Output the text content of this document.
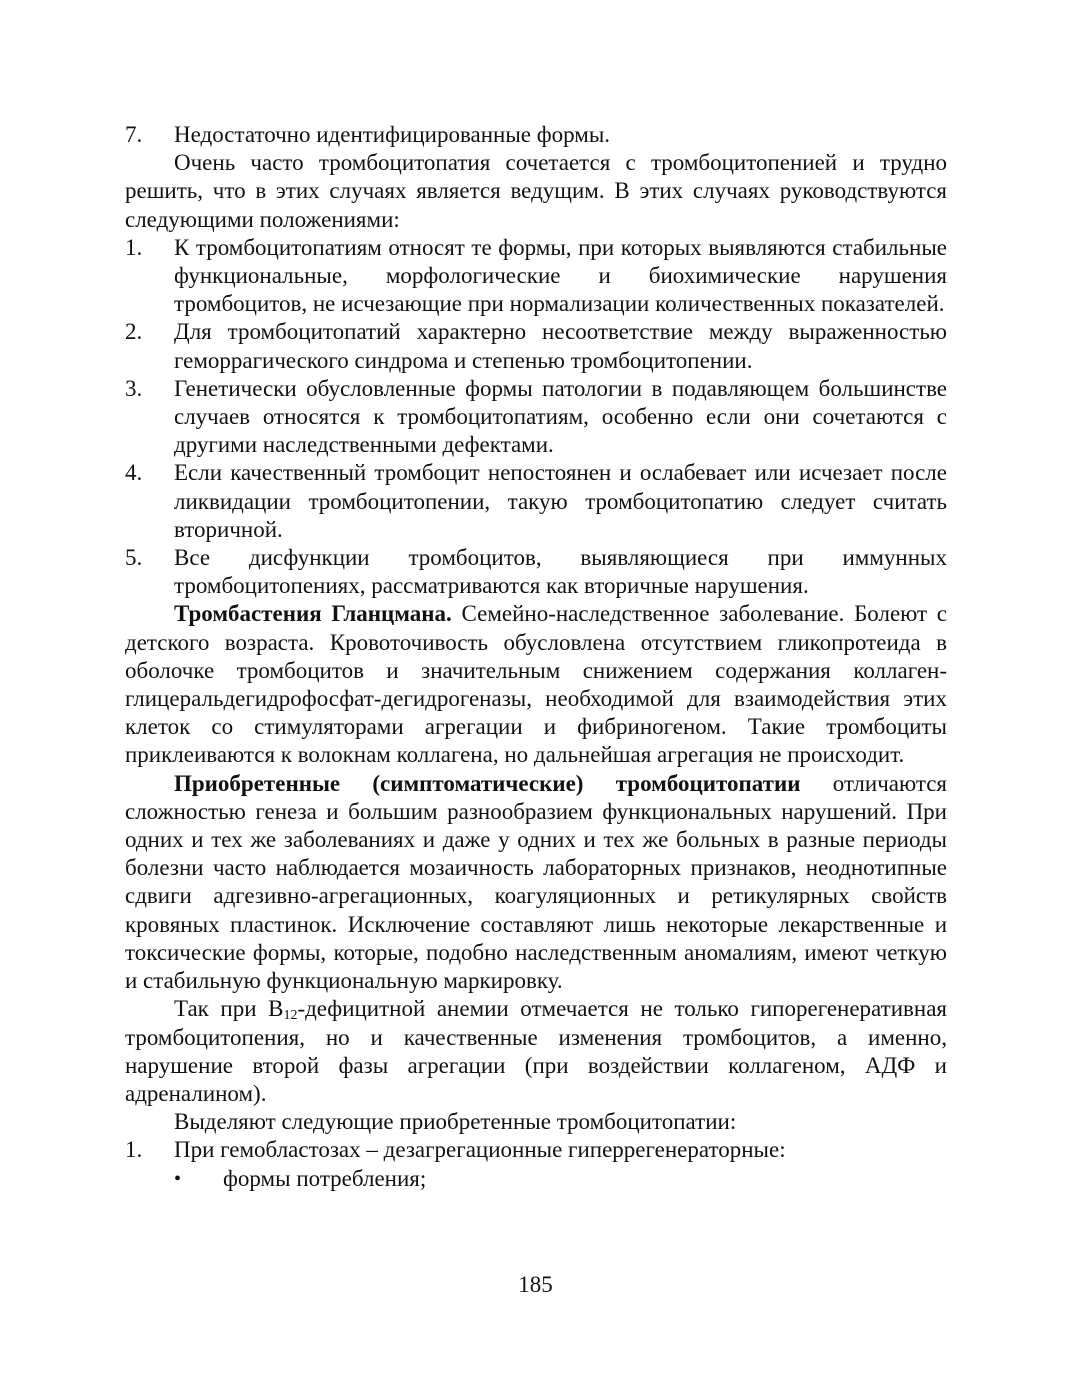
7.	Недостаточно идентифицированные формы.

Очень часто тромбоцитопатия сочетается с тромбоцитопенией и трудно решить, что в этих случаях является ведущим. В этих случаях руководствуются следующими положениями:

1.	К тромбоцитопатиям относят те формы, при которых выявляются стабильные функциональные, морфологические и биохимические нарушения тромбоцитов, не исчезающие при нормализации количественных показателей.
2.	Для тромбоцитопатий характерно несоответствие между выраженностью геморрагического синдрома и степенью тромбоцитопении.
3.	Генетически обусловленные формы патологии в подавляющем большинстве случаев относятся к тромбоцитопатиям, особенно если они сочетаются с другими наследственными дефектами.
4.	Если качественный тромбоцит непостоянен и ослабевает или исчезает после ликвидации тромбоцитопении, такую тромбоцитопатию следует считать вторичной.
5.	Все дисфункции тромбоцитов, выявляющиеся при иммунных тромбоцитопениях, рассматриваются как вторичные нарушения.

Тромбастения Гланцмана. Семейно-наследственное заболевание. Болеют с детского возраста. Кровоточивость обусловлена отсутствием гликопротеида в оболочке тромбоцитов и значительным снижением содержания коллаген-глицеральдегидрофосфат-дегидрогеназы, необходимой для взаимодействия этих клеток со стимуляторами агрегации и фибриногеном. Такие тромбоциты приклеиваются к волокнам коллагена, но дальнейшая агрегация не происходит.

Приобретенные (симптоматические) тромбоцитопатии отличаются сложностью генеза и большим разнообразием функциональных нарушений. При одних и тех же заболеваниях и даже у одних и тех же больных в разные периоды болезни часто наблюдается мозаичность лабораторных признаков, неоднотипные сдвиги адгезивно-агрегационных, коагуляционных и ретикулярных свойств кровяных пластинок. Исключение составляют лишь некоторые лекарственные и токсические формы, которые, подобно наследственным аномалиям, имеют четкую и стабильную функциональную маркировку.

Так при $B_{12}$-дефицитной анемии отмечается не только гипорегенеративная тромбоцитопения, но и качественные изменения тромбоцитов, а именно, нарушение второй фазы агрегации (при воздействии коллагеном, АДФ и адреналином).

Выделяют следующие приобретенные тромбоцитопатии:

1.	При гемобластозах – дезагрегационные гиперрегенераторные:
•	формы потребления;
185
